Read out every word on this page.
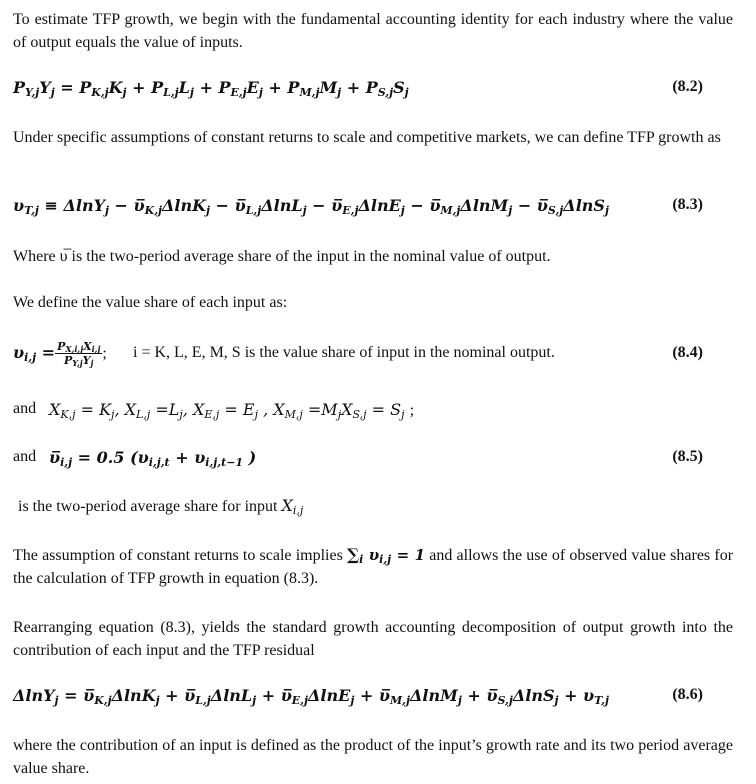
To estimate TFP growth, we begin with the fundamental accounting identity for each industry where the value of output equals the value of inputs.

$P_{Y,j}Y_j = P_{K,j}K_j + P_{L,j}L_j + P_{E,j}E_j + P_{M,j}M_j + P_{S,j}S_j$	(8.2)

Under specific assumptions of constant returns to scale and competitive markets, we can define TFP growth as

$\upsilon_{T,j} \equiv \Delta\ln Y_j$ − $\upsilon̅_{K,j}\Delta\ln K_j$ − $\upsilon̅_{L,j}\Delta\ln L_j$ − $\upsilon̅_{E,j}\Delta\ln E_j$ − $\upsilon̅_{M,j}\Delta\ln M_j$ − $\upsilon̅_{S,j}\Delta\ln S_j$	(8.3)

Where υ̅ is the two-period average share of the input in the nominal value of output.

We define the value share of each input as:

$\upsilon_{i,j} = \frac{P_{X,i,j}X_{i,j}}{P_{Y,j}Y_j}$ ; i = K, L, E, M, S is the value share of input in the nominal output.	(8.4)
and $X_{K,j} = K_j$, $X_{L,j} =L_j$, $X_{E,j} = E_j$ , $X_{M,j} =M_jX_{S,j} = S_j$ ;
and $\upsilon̅_{i,j} = 0.5$ ($\upsilon_{i,j,t} + \upsilon_{i,j,t-1}$ )	(8.5)
is the two-period average share for input $X_{i,j}$
The assumption of constant returns to scale implies $\sum_i$ $\upsilon_{i,j} = 1$ and allows the use of observed value shares for the calculation of TFP growth in equation (8.3).

Rearranging equation (8.3), yields the standard growth accounting decomposition of output growth into the contribution of each input and the TFP residual

$\Delta\ln Y_j = \upsilon̅_{K,j}\Delta\ln K_j$ + $\upsilon̅_{L,j}\Delta\ln L_j$ + $\upsilon̅_{E,j}\Delta\ln E_j$ + $\upsilon̅_{M,j}\Delta\ln M_j$ + $\upsilon̅_{S,j}\Delta\ln S_j + \upsilon_{T,j}$	(8.6)

where the contribution of an input is defined as the product of the input’s growth rate and its two period average value share.
